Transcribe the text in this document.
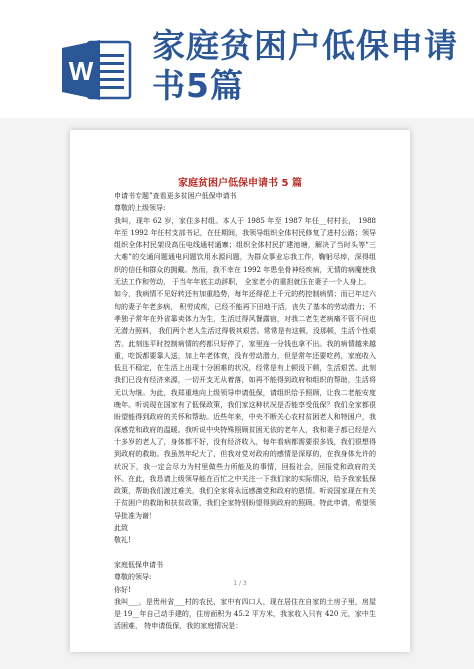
W
家庭贫困户低保申请书5篇
家庭贫困户低保申请书 5 篇

申请书专题”查看更多贫困户低保申请书

尊敬的上级领导:

我叫，现年 62 岁，家住多村组。本人于 1985 年至 1987 年任__村村长， 1988 年至 1992 年任村支部书记，在任期间，我领导组织全体村民修复了进村公路；领导组织全体村民架设高压电线通村通寨；组织全体村民扩建池塘，解决了当时头等“三大难”的交通问题通电问题饮用水源问题，为群众事业忘我工作，鞠躬尽瘁，深得组织的信任和群众的拥戴。然而，我不幸在 1992 年患坐骨神经疾病，无情的病魔使我无法工作和劳动， 于当年年底主动辞职， 全家老小的重担就压在妻子一个人身上。

如今，我病情不见好转还有加重趋势，每年还得花上千元的药控制病情；而已年过六旬的妻子年老多病， 积劳成疾，已经不能再下田地干活，丧失了基本的劳动潜力；不孝独子常年在外省靠卖体力为生，生活过得风餐露宿，对我二老生老病痛不管不问也无潜力照料， 我们两个老人生活过得极其艰苦。常常是有这顿，没那顿，生活个性艰苦。此刻连平时控制病情的药都只好停了，家里连一分钱也拿不出。我的病情越来越重，吃饭都要靠人送，加上年老体衰，没有劳动潜力，但是常年还要吃药，家庭收入低且不稳定，在生活上出现十分困难的状况，经常是有上顿没下顿，生活艰苦。此刻我们已没有经济来源，一切开支无从着落，如再不能得到政府和组织的帮助，生活将无以为继。为此，我郑重地向上级领导申请低保，请组织给予照顾，让我二老能安度晚年。听说现在国家有了低保政策，我们家这种状况是否能享受低保？我们全家都很盼望能得到政府的关怀和帮助。近些年来，中央不断关心农村贫困老人和特困户，我深感党和政府的温暖。我听说中央特殊照顾贫困无依的老年人，我和妻子都已经是六十多岁的老人了，身体都不好，没有经济收入，每年看病都需要很多钱，我们很想得到政府的救助。我虽然年纪大了，但我对党对政府的感情是深厚的，在我身体允许的状况下，我一定会尽力为村里做些力所能及的事情，回报社会，回报党和政府的关怀。在此，我恳请上级领导能在百忙之中关注一下我们家的实际情况，给予我家低保政策，帮助我们渡过难关，我们全家将永远感激党和政府的恩情。听说国家现在有关于贫困户的救助和扶贫政策，我们全家特别盼望得到政府的照顾。特此申请，希望领导批准为谢！

此致

敬礼!

家庭低保申请书

尊敬的领导:

你好!

我叫___，是贵州省___村的农民，家中有四口人，现在居住在自家的土房子里，房屋是 19__年自己动手建的，住房面积为 45.2 平方米，我家收入只有 420 元，家中生活困难， 特申请低保，我的家庭情况是：

1 / 3
